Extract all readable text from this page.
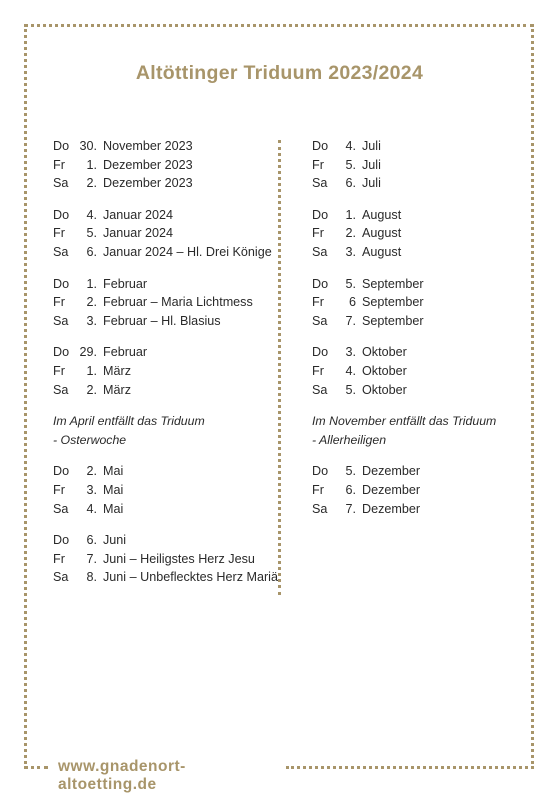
Altöttinger Triduum 2023/2024
Do 30. November 2023
Fr	1. Dezember 2023
Sa	2. Dezember 2023
Do	4. Januar 2024
Fr	5. Januar 2024
Sa	6. Januar 2024 – Hl. Drei Könige
Do	1. Februar
Fr	2. Februar – Maria Lichtmess
Sa	3. Februar – Hl. Blasius
Do 29. Februar
Fr	1. März
Sa	2. März
Im April entfällt das Triduum
- Osterwoche
Do	2. Mai
Fr	3. Mai
Sa	4. Mai
Do	6. Juni
Fr	7. Juni – Heiligstes Herz Jesu
Sa	8. Juni – Unbeflecktes Herz Mariä
Do	4. Juli
Fr	5. Juli
Sa	6. Juli
Do	1. August
Fr	2. August
Sa	3. August
Do	5. September
Fr	6 September
Sa	7. September
Do	3. Oktober
Fr	4. Oktober
Sa	5. Oktober
Im November entfällt das Triduum
- Allerheiligen
Do	5. Dezember
Fr	6. Dezember
Sa	7. Dezember
www.gnadenort-altoetting.de
